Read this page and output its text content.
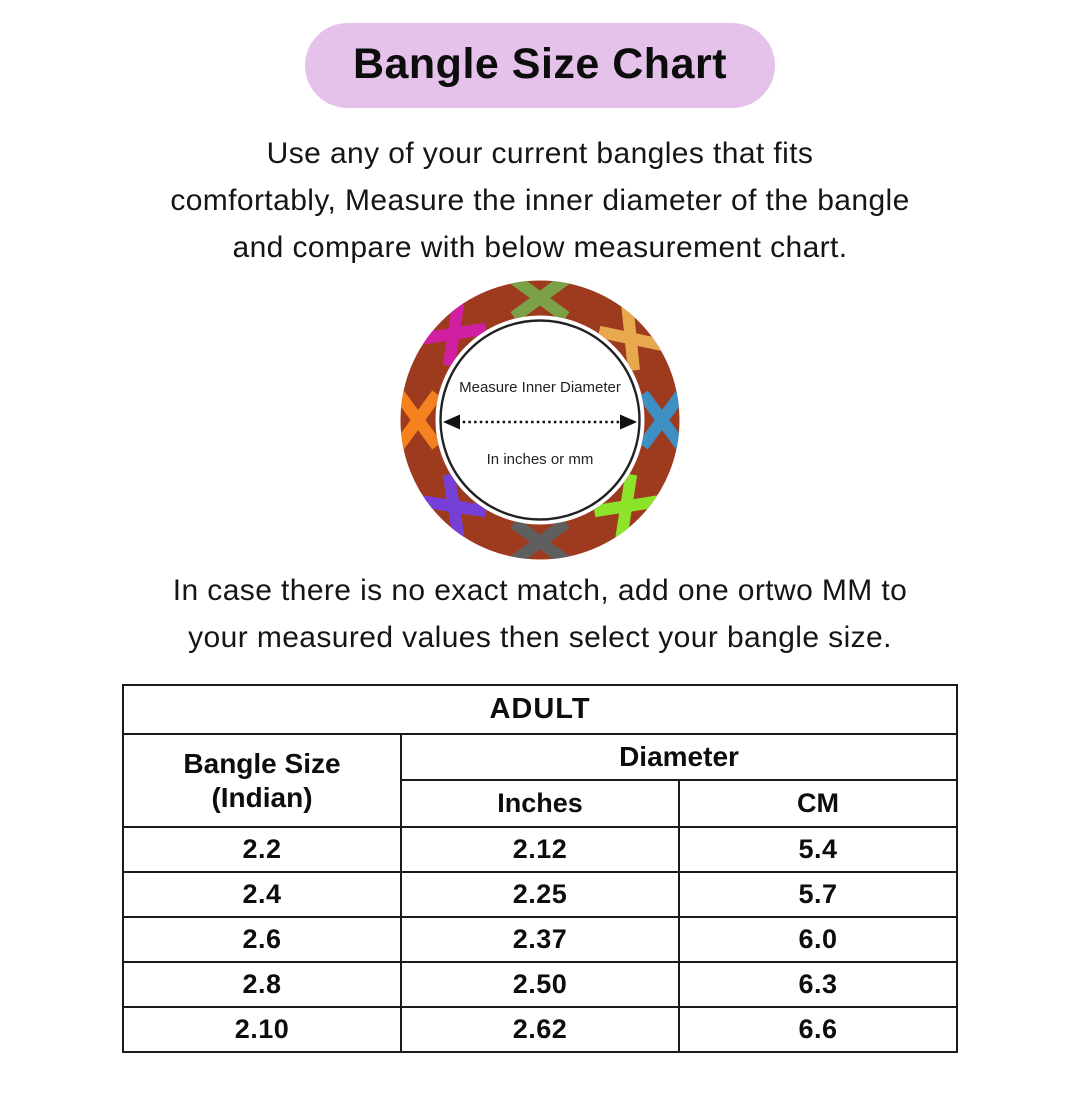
Bangle Size Chart
Use any of your current bangles that fits
comfortably, Measure the inner diameter of the bangle
and compare with below measurement chart.
Measure Inner Diameter
In inches or mm
In case there is no exact match, add one ortwo MM to
your measured values then select your bangle size.
ADULT		

Bangle Size
(Indian)	Diameter	
	Inches	CM
2.2	2.12	5.4
2.4	2.25	5.7
2.6	2.37	6.0
2.8	2.50	6.3
2.10	2.62	6.6
